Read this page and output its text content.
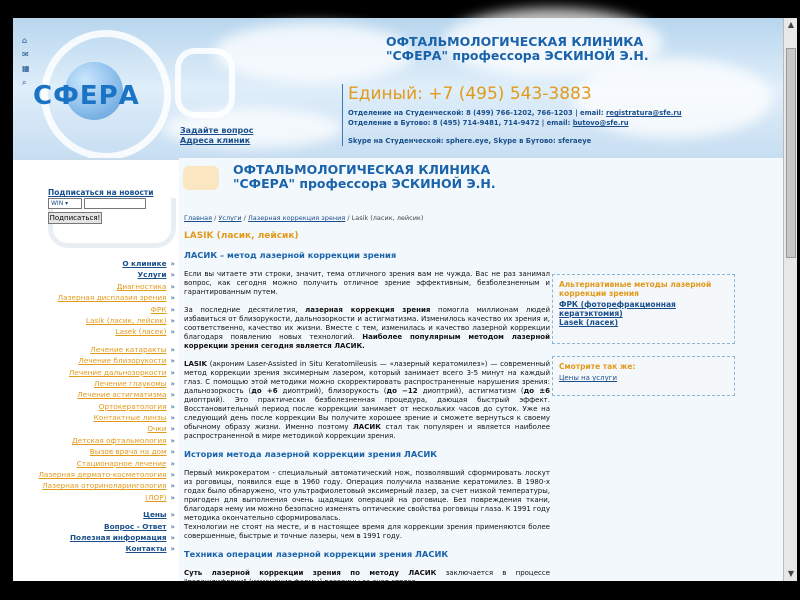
⌂
✉
▦
⌕ СФЕРА
Задайте вопрос
Адреса клиник
ОФТАЛЬМОЛОГИЧЕСКАЯ КЛИНИКА
"СФЕРА" профессора ЭСКИНОЙ Э.Н.
Единый: +7 (495) 543-3883
Отделение на Студенческой: 8 (499) 766-1202, 766-1203 | email: registratura@sfe.ru
Отделение в Бутово: 8 (495) 714-9481, 714-9472 | email: butovo@sfe.ru
Skype на Студенческой: sphere.eye, Skype в Бутово: sferaeye
Подписаться на новости
WIN ▾
Подписаться!
О клинике »
Услуги »
Диагностика »
Лазерная дисплазия зрения »
ФРК »
Lasik (ласик, лейсик) »
Lasek (ласек) »
Лечение катаракты »
Лечение близорукости »
Лечение дальнозоркости »
Лечение глаукомы »
Лечение астигматизма »
Ортокератология »
Контактные линзы »
Очки »
Детская офтальмология »
Вызов врача на дом »
Стационарное лечение »
Лазерная дермато-косметология »
Лазерная оториноларингология »
(ЛОР) »
Цены »
Вопрос - Ответ »
Полезная информация »
Контакты »
ОФТАЛЬМОЛОГИЧЕСКАЯ КЛИНИКА
"СФЕРА" профессора ЭСКИНОЙ Э.Н.
Главная / Услуги / Лазерная коррекция зрения / Lasik (ласик, лейсик)
LASIK (ласик, лейсик)
ЛАСИК – метод лазерной коррекции зрения

Если вы читаете эти строки, значит, тема отличного зрения вам не чужда. Вас не раз занимал вопрос, как сегодня можно получить отличное зрение эффективным, безболезненным и гарантированным путем.

За последние десятилетия, лазерная коррекция зрения помогла миллионам людей избавиться от близорукости, дальнозоркости и астигматизма. Изменилось качество их зрения и, соответственно, качество их жизни. Вместе с тем, изменилась и качество лазерной коррекции благодаря появлению новых технологий. Наиболее популярным методом лазерной коррекции зрения сегодня является ЛАСИК.

LASIK (акроним Laser-Assisted in Situ Keratomileusis — «лазерный кератомилез») — современный метод коррекции зрения эксимерным лазером, который занимает всего 3-5 минут на каждый глаз. С помощью этой методики можно скорректировать распространенные нарушения зрения: дальнозоркость (до +6 диоптрий), близорукость (до −12 диоптрий), астигматизм (до ±6 диоптрий). Это практически безболезненная процедура, дающая быстрый эффект. Восстановительный период после коррекции занимает от нескольких часов до суток. Уже на следующий день после коррекции Вы получите хорошее зрение и сможете вернуться к своему обычному образу жизни. Именно поэтому ЛАСИК стал так популярен и является наиболее распространенной в мире методикой коррекции зрения.

История метода лазерной коррекции зрения ЛАСИК

Первый микрокератом - специальный автоматический нож, позволявший сформировать лоскут из роговицы, появился еще в 1960 году. Операция получила название кератомилез. В 1980-х годах было обнаружено, что ультрафиолетовый эксимерный лазер, за счет низкой температуры, пригоден для выполнения очень щадящих операций на роговице. Без повреждения ткани, благодаря нему им можно безопасно изменять оптические свойства роговицы глаза. К 1991 году методика окончательно сформировалась.

Технологии не стоят на месте, и в настоящее время для коррекции зрения применяются более совершенные, быстрые и точные лазеры, чем в 1991 году.

Техника операции лазерной коррекции зрения ЛАСИК

Суть лазерной коррекции зрения по методу ЛАСИК заключается в процессе "перешлифовки" (изменения формы) роговицы за счет строго

Альтернативные методы лазерной коррекции зрения
ФРК (фоторефракционная кератэктомия)
Lasek (ласек)
Смотрите так же:
Цены на услуги
▲
▼
